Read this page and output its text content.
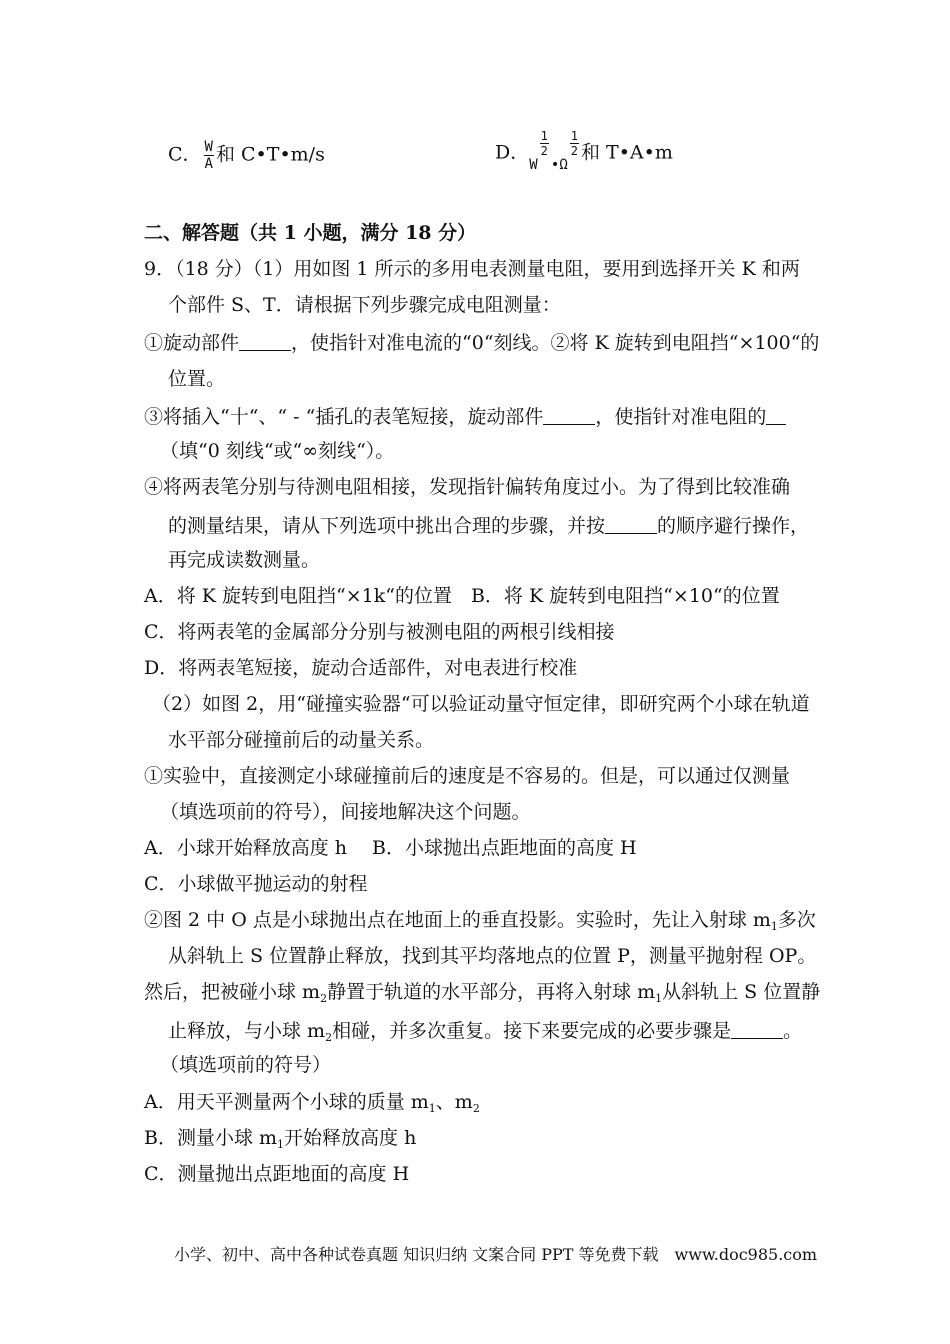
C． $\frac{W}{A}$ 和 C•T•m/s	D．$_W$
$\frac{1}{2}$
$_{•\Omega}$
$\frac{1}{2}$ 和 T•A•m
二、解答题（共 1 小题，满分 18 分）
9．（18 分）（1）用如图 1 所示的多用电表测量电阻，要用到选择开关 K 和两
个部件 S、T．请根据下列步骤完成电阻测量：
①旋动部件	，使指针对准电流的“0“刻线。②将 K 旋转到电阻挡“×100“的
位置。
③将插入“十“、“ - “插孔的表笔短接，旋动部件	，使指针对准电阻的
（填“0 刻线“或“∞刻线“）。
④将两表笔分别与待测电阻相接，发现指针偏转角度过小。为了得到比较准确
的测量结果，请从下列选项中挑出合理的步骤，并按	的顺序避行操作，
再完成读数测量。
A．将 K 旋转到电阻挡“×1k“的位置　B．将 K 旋转到电阻挡“×10“的位置
C．将两表笔的金属部分分别与被测电阻的两根引线相接
D．将两表笔短接，旋动合适部件，对电表进行校准
（2）如图 2，用“碰撞实验器“可以验证动量守恒定律，即研究两个小球在轨道
水平部分碰撞前后的动量关系。
①实验中，直接测定小球碰撞前后的速度是不容易的。但是，可以通过仅测量
（填选项前的符号），间接地解决这个问题。
A．小球开始释放高度 h　 B．小球抛出点距地面的高度 H
C．小球做平抛运动的射程
②图 2 中 O 点是小球抛出点在地面上的垂直投影。实验时，先让入射球 $m_1$多次
从斜轨上 S 位置静止释放，找到其平均落地点的位置 P，测量平抛射程 OP。
然后，把被碰小球 $m_2$静置于轨道的水平部分，再将入射球 $m_1$从斜轨上 S 位置静
止释放，与小球 $m_2$相碰，并多次重复。接下来要完成的必要步骤是	。
（填选项前的符号）
A．用天平测量两个小球的质量 $m_1$、$m_2$
B．测量小球 $m_1$开始释放高度 h
C．测量抛出点距地面的高度 H
小学、初中、高中各种试卷真题 知识归纳 文案合同 PPT 等免费下载　www.doc985.com
